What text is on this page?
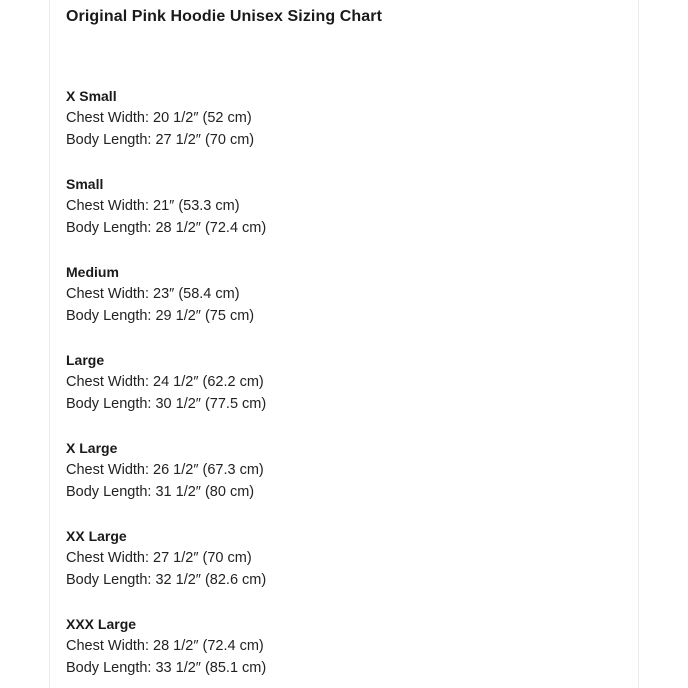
Original Pink Hoodie Unisex Sizing Chart
X Small
Chest Width: 20 1/2″ (52 cm)
Body Length: 27 1/2″ (70 cm)
Small
Chest Width: 21″ (53.3 cm)
Body Length: 28 1/2″ (72.4 cm)
Medium
Chest Width: 23″ (58.4 cm)
Body Length: 29 1/2″ (75 cm)
Large
Chest Width: 24 1/2″ (62.2 cm)
Body Length: 30 1/2″ (77.5 cm)
X Large
Chest Width: 26 1/2″ (67.3 cm)
Body Length: 31 1/2″ (80 cm)
XX Large
Chest Width: 27 1/2″ (70 cm)
Body Length: 32 1/2″ (82.6 cm)
XXX Large
Chest Width: 28 1/2″ (72.4 cm)
Body Length: 33 1/2″ (85.1 cm)
